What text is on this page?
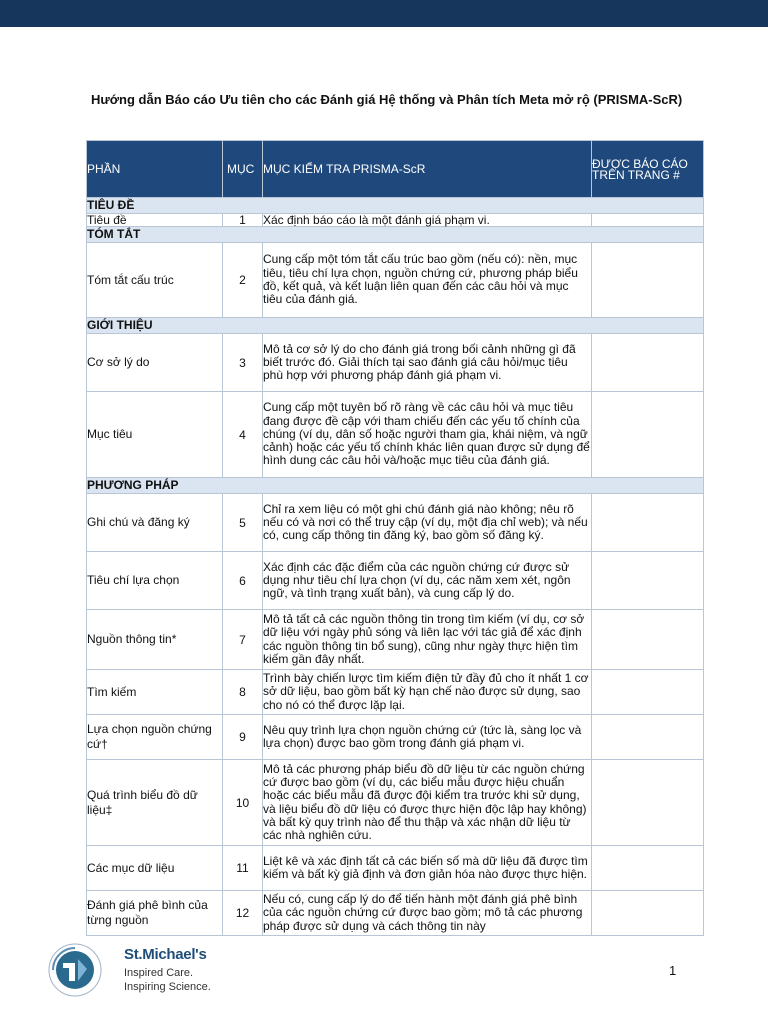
Hướng dẫn Báo cáo Ưu tiên cho các Đánh giá Hệ thống và Phân tích Meta mở rộ (PRISMA-ScR)
PHẦN	MỤC	MỤC KIỂM TRA PRISMA-ScR	ĐƯỢC BÁO CÁO TRÊN TRANG #
TIÊU ĐỀ			
Tiêu đề	1	Xác định báo cáo là một đánh giá phạm vi.	
TÓM TẮT			
Tóm tắt cấu trúc	2	Cung cấp một tóm tắt cấu trúc bao gồm (nếu có): nền, mục tiêu, tiêu chí lựa chọn, nguồn chứng cứ, phương pháp biểu đồ, kết quả, và kết luận liên quan đến các câu hỏi và mục tiêu của đánh giá.	
GIỚI THIỆU			
Cơ sở lý do	3	Mô tả cơ sở lý do cho đánh giá trong bối cảnh những gì đã biết trước đó. Giải thích tại sao đánh giá câu hỏi/mục tiêu phù hợp với phương pháp đánh giá phạm vi.	
Mục tiêu	4	Cung cấp một tuyên bố rõ ràng về các câu hỏi và mục tiêu đang được đề cập với tham chiếu đến các yếu tố chính của chúng (ví dụ, dân số hoặc người tham gia, khái niệm, và ngữ cảnh) hoặc các yếu tố chính khác liên quan được sử dụng để hình dung các câu hỏi và/hoặc mục tiêu của đánh giá.	
PHƯƠNG PHÁP			
Ghi chú và đăng ký	5	Chỉ ra xem liệu có một ghi chú đánh giá nào không; nêu rõ nếu có và nơi có thể truy cập (ví dụ, một địa chỉ web); và nếu có, cung cấp thông tin đăng ký, bao gồm số đăng ký.	
Tiêu chí lựa chọn	6	Xác định các đặc điểm của các nguồn chứng cứ được sử dụng như tiêu chí lựa chọn (ví dụ, các năm xem xét, ngôn ngữ, và tình trạng xuất bản), và cung cấp lý do.	
Nguồn thông tin*	7	Mô tả tất cả các nguồn thông tin trong tìm kiếm (ví dụ, cơ sở dữ liệu với ngày phủ sóng và liên lạc với tác giả để xác định các nguồn thông tin bổ sung), cũng như ngày thực hiện tìm kiếm gần đây nhất.	
Tìm kiếm	8	Trình bày chiến lược tìm kiếm điện tử đầy đủ cho ít nhất 1 cơ sở dữ liệu, bao gồm bất kỳ hạn chế nào được sử dụng, sao cho nó có thể được lặp lại.	
Lựa chọn nguồn chứng cứ†	9	Nêu quy trình lựa chọn nguồn chứng cứ (tức là, sàng lọc và lựa chọn) được bao gồm trong đánh giá phạm vi.	
Quá trình biểu đồ dữ liệu‡	10	Mô tả các phương pháp biểu đồ dữ liệu từ các nguồn chứng cứ được bao gồm (ví dụ, các biểu mẫu được hiệu chuẩn hoặc các biểu mẫu đã được đội kiểm tra trước khi sử dụng, và liệu biểu đồ dữ liệu có được thực hiện độc lập hay không) và bất kỳ quy trình nào để thu thập và xác nhận dữ liệu từ các nhà nghiên cứu.	
Các mục dữ liệu	11	Liệt kê và xác định tất cả các biến số mà dữ liệu đã được tìm kiếm và bất kỳ giả định và đơn giản hóa nào được thực hiện.	
Đánh giá phê bình của từng nguồn	12	Nếu có, cung cấp lý do để tiến hành một đánh giá phê bình của các nguồn chứng cứ được bao gồm; mô tả các phương pháp được sử dụng và cách thông tin này	
St.Michael's
Inspired Care.
Inspiring Science.
1
